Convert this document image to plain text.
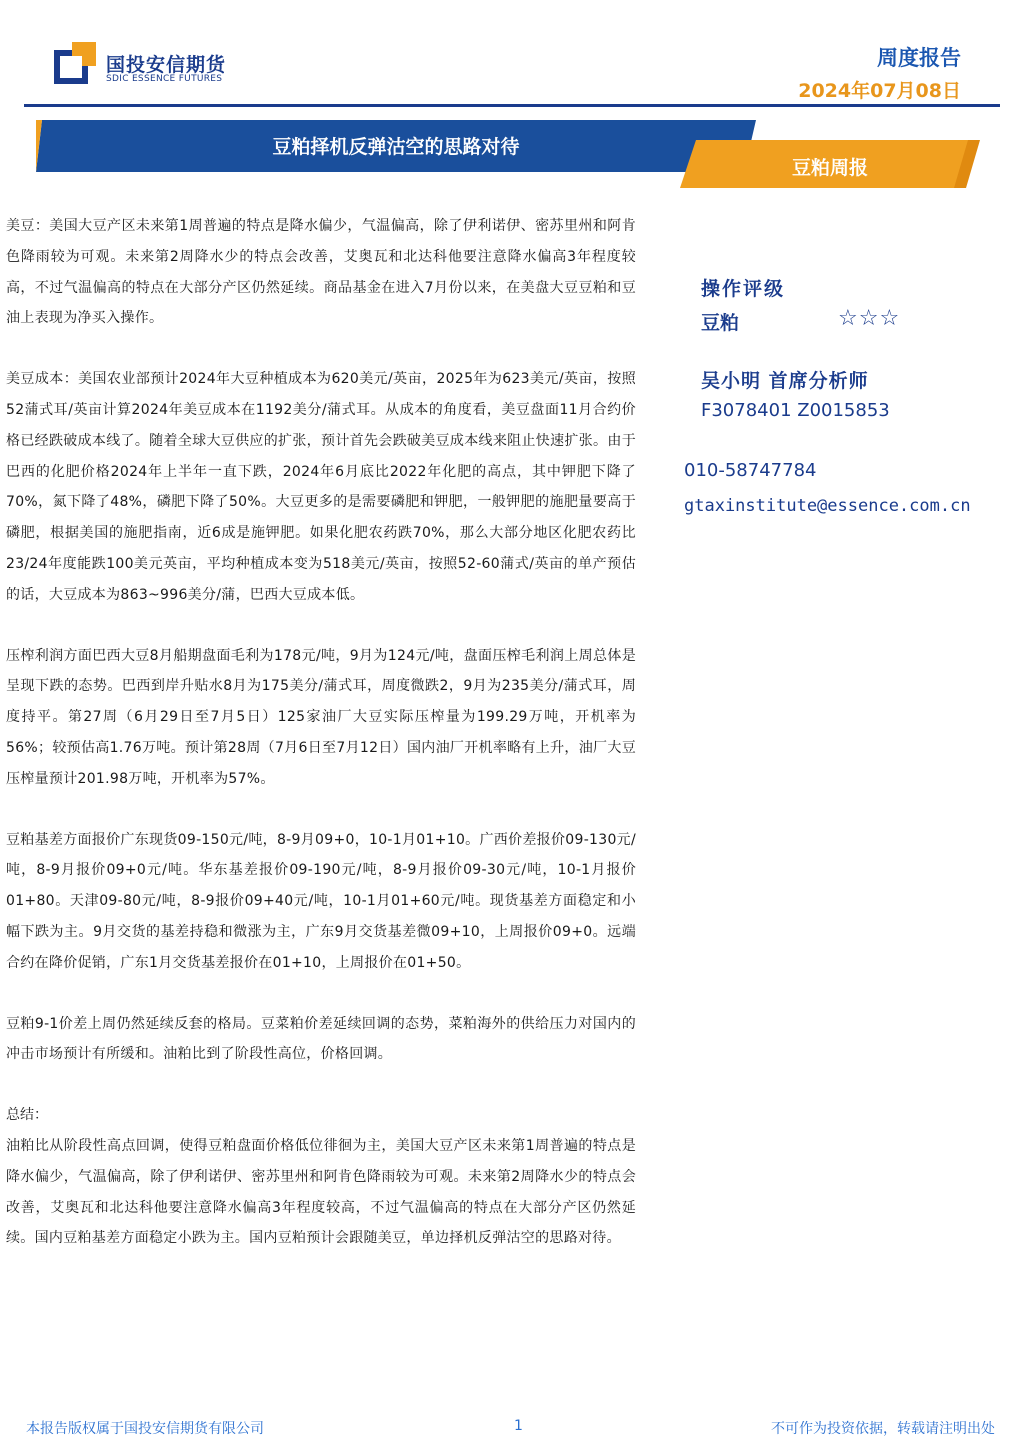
国投安信期货
SDIC ESSENCE FUTURES
周度报告
2024年07月08日
豆粕择机反弹沽空的思路对待
豆粕周报

美豆：美国大豆产区未来第1周普遍的特点是降水偏少，气温偏高，除了伊利诺伊、密苏里州和阿肯色降雨较为可观。未来第2周降水少的特点会改善，艾奥瓦和北达科他要注意降水偏高3年程度较高，不过气温偏高的特点在大部分产区仍然延续。商品基金在进入7月份以来，在美盘大豆豆粕和豆油上表现为净买入操作。

美豆成本：美国农业部预计2024年大豆种植成本为620美元/英亩，2025年为623美元/英亩，按照52蒲式耳/英亩计算2024年美豆成本在1192美分/蒲式耳。从成本的角度看，美豆盘面11月合约价格已经跌破成本线了。随着全球大豆供应的扩张，预计首先会跌破美豆成本线来阻止快速扩张。由于巴西的化肥价格2024年上半年一直下跌，2024年6月底比2022年化肥的高点，其中钾肥下降了70%，氮下降了48%，磷肥下降了50%。大豆更多的是需要磷肥和钾肥，一般钾肥的施肥量要高于磷肥，根据美国的施肥指南，近6成是施钾肥。如果化肥农药跌70%，那么大部分地区化肥农药比23/24年度能跌100美元英亩，平均种植成本变为518美元/英亩，按照52-60蒲式/英亩的单产预估的话，大豆成本为863~996美分/蒲，巴西大豆成本低。

压榨利润方面巴西大豆8月船期盘面毛利为178元/吨，9月为124元/吨，盘面压榨毛利润上周总体是呈现下跌的态势。巴西到岸升贴水8月为175美分/蒲式耳，周度微跌2，9月为235美分/蒲式耳，周度持平。第27周（6月29日至7月5日）125家油厂大豆实际压榨量为199.29万吨，开机率为56%；较预估高1.76万吨。预计第28周（7月6日至7月12日）国内油厂开机率略有上升，油厂大豆压榨量预计201.98万吨，开机率为57%。

豆粕基差方面报价广东现货09-150元/吨，8-9月09+0，10-1月01+10。广西价差报价09-130元/吨，8-9月报价09+0元/吨。华东基差报价09-190元/吨，8-9月报价09-30元/吨，10-1月报价01+80。天津09-80元/吨，8-9报价09+40元/吨，10-1月01+60元/吨。现货基差方面稳定和小幅下跌为主。9月交货的基差持稳和微涨为主，广东9月交货基差微09+10，上周报价09+0。远端合约在降价促销，广东1月交货基差报价在01+10，上周报价在01+50。

豆粕9-1价差上周仍然延续反套的格局。豆菜粕价差延续回调的态势，菜粕海外的供给压力对国内的冲击市场预计有所缓和。油粕比到了阶段性高位，价格回调。

总结：

油粕比从阶段性高点回调，使得豆粕盘面价格低位徘徊为主，美国大豆产区未来第1周普遍的特点是降水偏少，气温偏高，除了伊利诺伊、密苏里州和阿肯色降雨较为可观。未来第2周降水少的特点会改善，艾奥瓦和北达科他要注意降水偏高3年程度较高，不过气温偏高的特点在大部分产区仍然延续。国内豆粕基差方面稳定小跌为主。国内豆粕预计会跟随美豆，单边择机反弹沽空的思路对待。

操作评级
豆粕	☆☆☆
吴小明 首席分析师
F3078401 Z0015853
010-58747784
gtaxinstitute@essence.com.cn
本报告版权属于国投安信期货有限公司	1	不可作为投资依据，转载请注明出处
